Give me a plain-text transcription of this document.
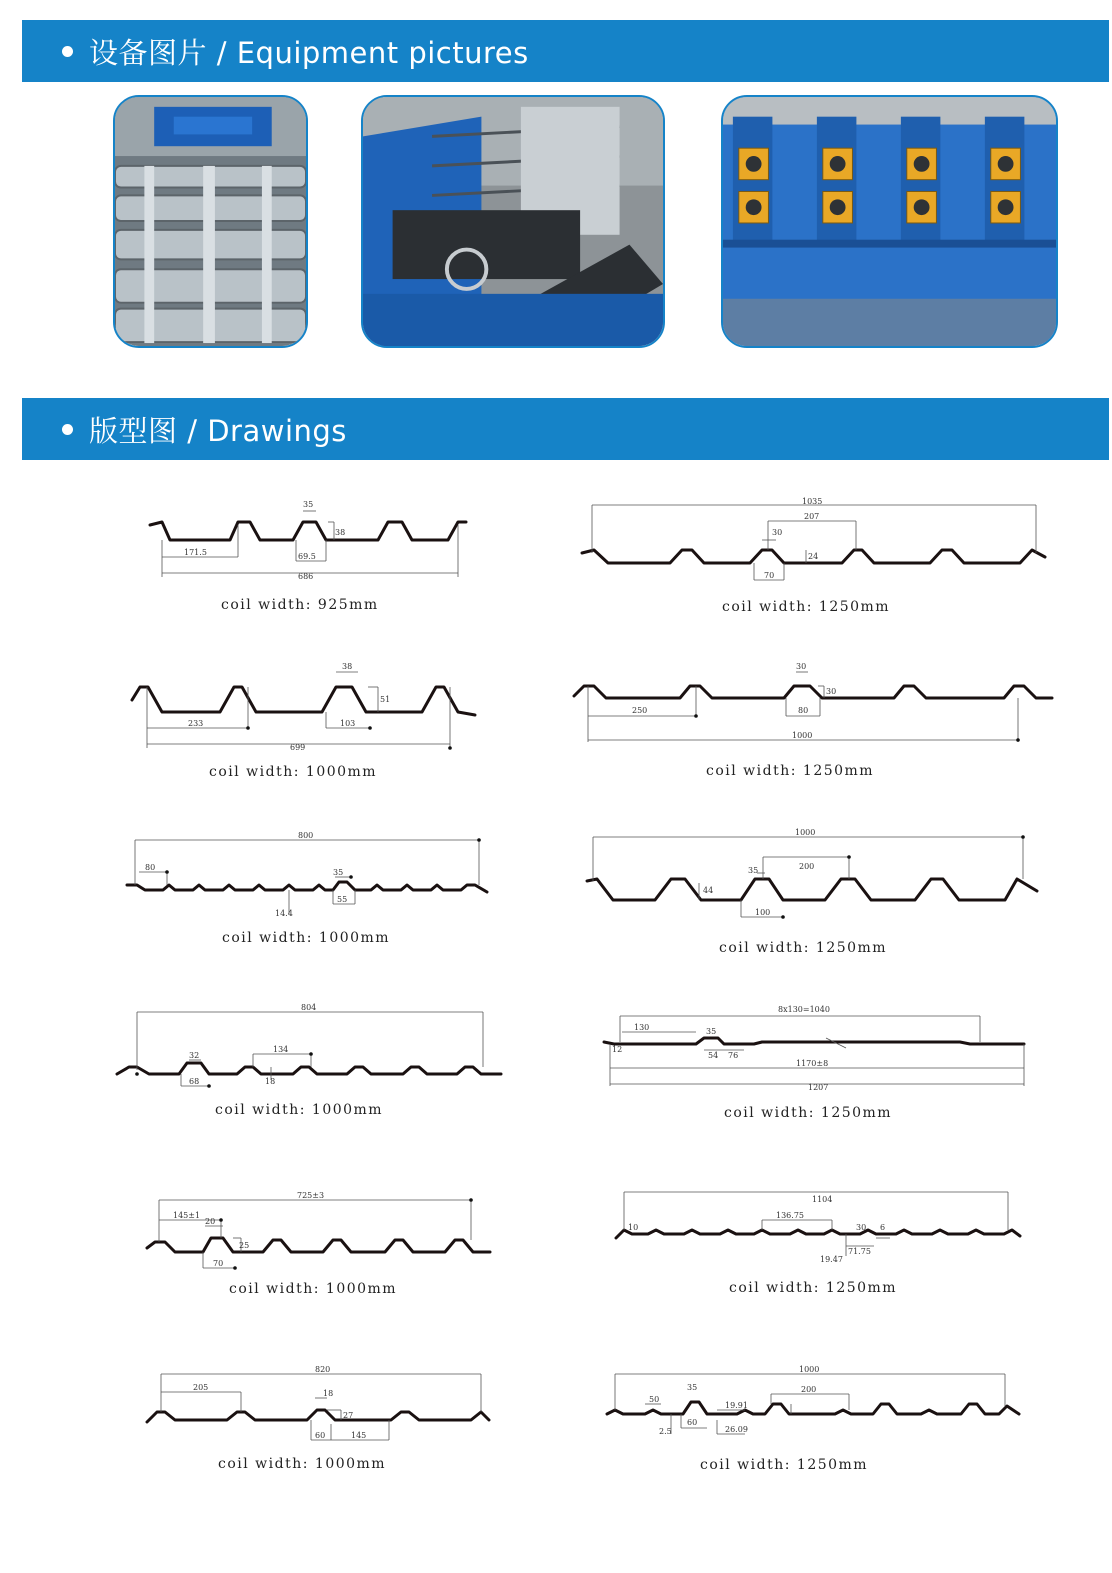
设备图片 / Equipment pictures
版型图 / Drawings
35
38
171.5	69.5
686
coil width: 925mm
1035
207
30
24
70
coil width: 1250mm
38
51
233	103
699
coil width: 1000mm
30
30
250	80
1000
coil width: 1250mm
800
80
35
14.4
55
coil width: 1000mm
1000
35	200
44
100
coil width: 1250mm
804
32
134
18
68
coil width: 1000mm
8x130=1040
130	35
54 76
1170±8
1207
12
coil width: 1250mm
725±3
145±1
20
25
70
coil width: 1000mm
1104
136.75
30 6
10
71.75
19.47
coil width: 1250mm
820
205
18
27
60	145
coil width: 1000mm
1000
35
50
200
19.91
26.09
60
2.5
coil width: 1250mm
